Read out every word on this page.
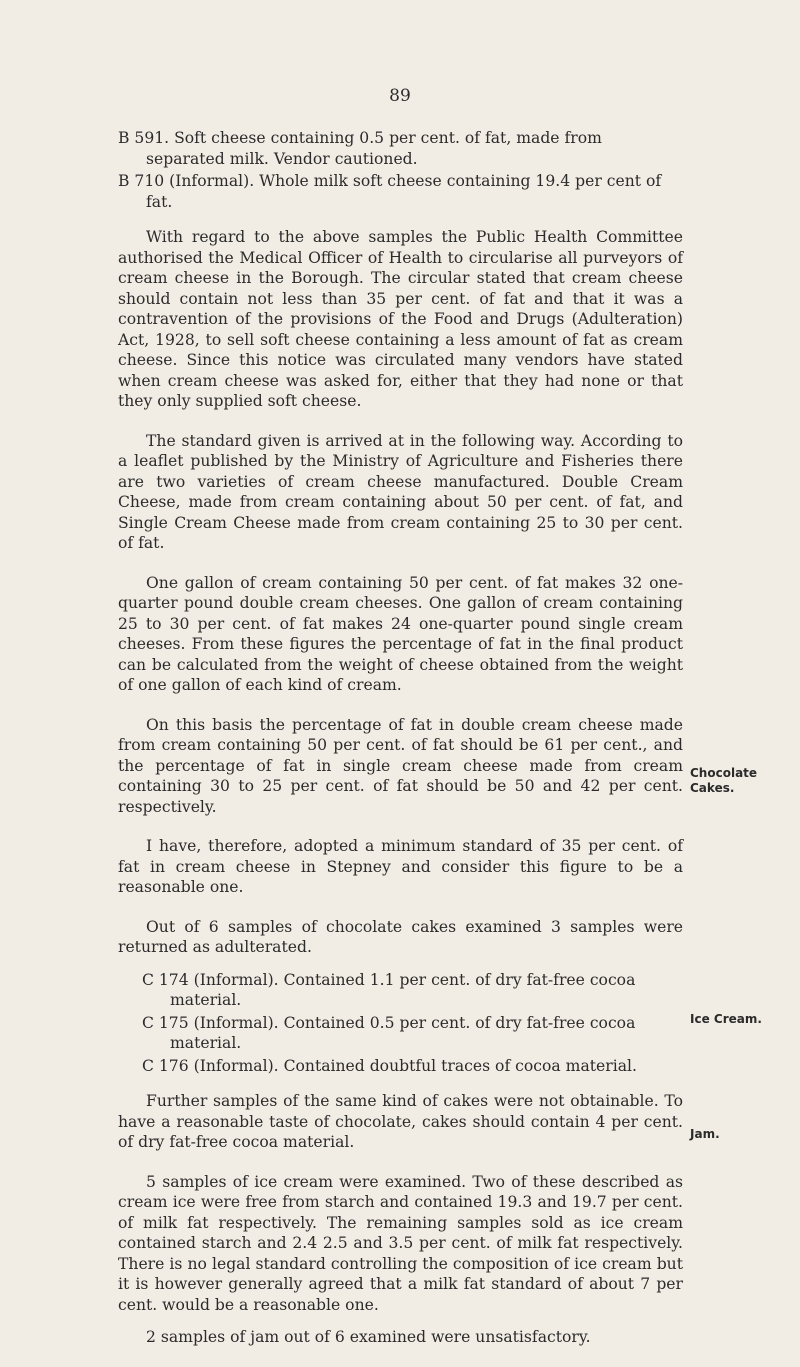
89

B 591. Soft cheese containing 0.5 per cent. of fat, made from separated milk. Vendor cautioned.

B 710 (Informal). Whole milk soft cheese containing 19.4 per cent of fat.

With regard to the above samples the Public Health Committee authorised the Medical Officer of Health to circularise all purveyors of cream cheese in the Borough. The circular stated that cream cheese should contain not less than 35 per cent. of fat and that it was a contravention of the provisions of the Food and Drugs (Adulteration) Act, 1928, to sell soft cheese containing a less amount of fat as cream cheese. Since this notice was circulated many vendors have stated when cream cheese was asked for, either that they had none or that they only supplied soft cheese.

The standard given is arrived at in the following way. According to a leaflet published by the Ministry of Agriculture and Fisheries there are two varieties of cream cheese manufactured. Double Cream Cheese, made from cream containing about 50 per cent. of fat, and Single Cream Cheese made from cream containing 25 to 30 per cent. of fat.

One gallon of cream containing 50 per cent. of fat makes 32 one-quarter pound double cream cheeses. One gallon of cream containing 25 to 30 per cent. of fat makes 24 one-quarter pound single cream cheeses. From these figures the percentage of fat in the final product can be calculated from the weight of cheese obtained from the weight of one gallon of each kind of cream.

On this basis the percentage of fat in double cream cheese made from cream containing 50 per cent. of fat should be 61 per cent., and the percentage of fat in single cream cheese made from cream containing 30 to 25 per cent. of fat should be 50 and 42 per cent. respectively.

I have, therefore, adopted a minimum standard of 35 per cent. of fat in cream cheese in Stepney and consider this figure to be a reasonable one.

Out of 6 samples of chocolate cakes examined 3 samples were returned as adulterated.

C 174 (Informal). Contained 1.1 per cent. of dry fat-free cocoa material.

C 175 (Informal). Contained 0.5 per cent. of dry fat-free cocoa material.

C 176 (Informal). Contained doubtful traces of cocoa material.

Further samples of the same kind of cakes were not obtainable. To have a reasonable taste of chocolate, cakes should contain 4 per cent. of dry fat-free cocoa material.

5 samples of ice cream were examined. Two of these described as cream ice were free from starch and contained 19.3 and 19.7 per cent. of milk fat respectively. The remaining samples sold as ice cream contained starch and 2.4 2.5 and 3.5 per cent. of milk fat respectively. There is no legal standard controlling the composition of ice cream but it is however generally agreed that a milk fat standard of about 7 per cent. would be a reasonable one.

2 samples of jam out of 6 examined were unsatisfactory.

Chocolate
Cakes.
Ice Cream.
Jam.
